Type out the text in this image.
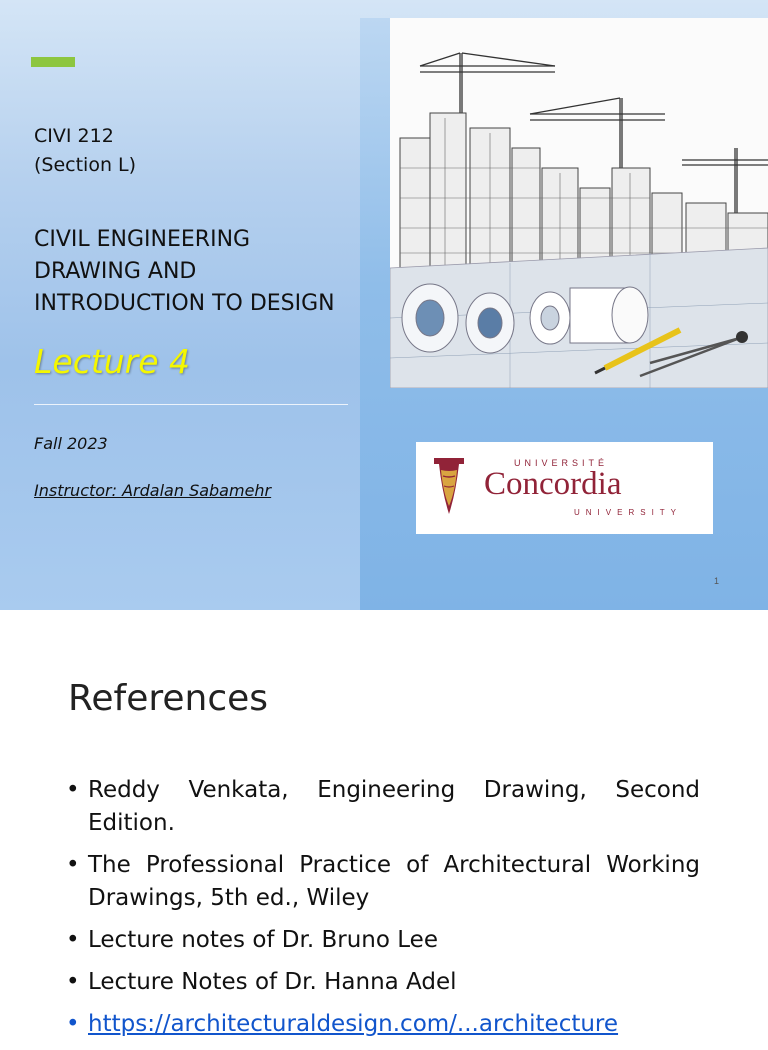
CIVI 212
(Section L)
CIVIL ENGINEERING
DRAWING AND
INTRODUCTION TO DESIGN
Lecture 4
Fall 2023
Instructor: Ardalan Sabamehr
UNIVERSITÉ
Concordia
UNIVERSITY
1
References
• Reddy Venkata, Engineering Drawing, Second Edition.
• The Professional Practice of Architectural Working Drawings, 5th ed., Wiley
• Lecture notes of Dr. Bruno Lee
• Lecture Notes of Dr. Hanna Adel
• https://architecturaldesign.com/...architecture
